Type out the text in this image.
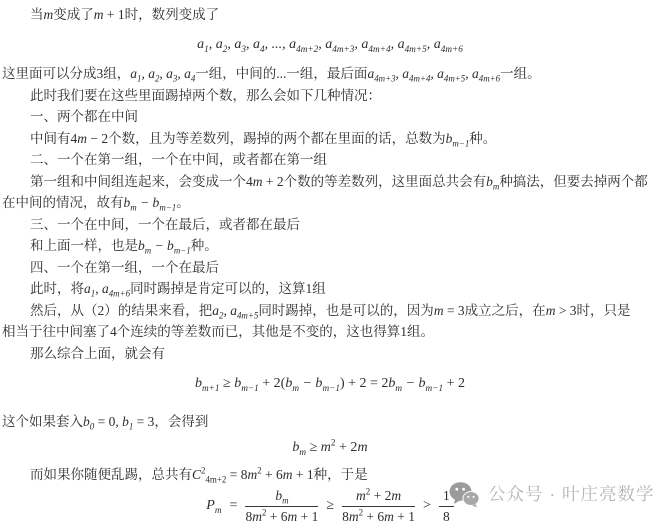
当m变成了m + 1时，数列变成了
$a_1$, $a_2$, $a_3$, $a_4$, ..., $a_{4m+2}$, $a_{4m+3}$, $a_{4m+4}$, $a_{4m+5}$, $a_{4m+6}$
这里面可以分成3组，$a_1$, $a_2$, $a_3$, $a_4$一组，中间的...一组，最后面$a_{4m+3}$, $a_{4m+4}$, $a_{4m+5}$, $a_{4m+6}$一组。
此时我们要在这些里面踢掉两个数，那么会如下几种情况：
一、两个都在中间
中间有4m − 2个数，且为等差数列，踢掉的两个都在里面的话，总数为$b_{m-1}$种。
二、一个在第一组，一个在中间，或者都在第一组
第一组和中间组连起来，会变成一个4m + 2个数的等差数列，这里面总共会有$b_m$种搞法，但要去掉两个都
在中间的情况，故有$b_m - b_{m-1}$。
三、一个在中间，一个在最后，或者都在最后
和上面一样，也是$b_m - b_{m-1}$种。
四、一个在第一组，一个在最后
此时，将$a_1$, $a_{4m+6}$同时踢掉是肯定可以的，这算1组
然后，从（2）的结果来看，把$a_2$, $a_{4m+5}$同时踢掉，也是可以的，因为m = 3成立之后，在m > 3时，只是
相当于往中间塞了4个连续的等差数而已，其他是不变的，这也得算1组。
那么综合上面，就会有
$b_{m+1} \ge b_{m-1} + 2(b_m - b_{m-1}) + 2 = 2b_m - b_{m-1} + 2$
这个如果套入$b_0 = 0$, $b_1 = 3$，会得到
$b_m \ge m^2 + 2m$
而如果你随便乱踢，总共有$C^2_{4m+2} = 8m^2 + 6m + 1$种，于是
$P_m = \frac{b_m}{8m^2 + 6m + 1} \ge \frac{m^2 + 2m}{8m^2 + 6m + 1} > \frac{1}{8}$ 公众号 · 叶庄亮数学
